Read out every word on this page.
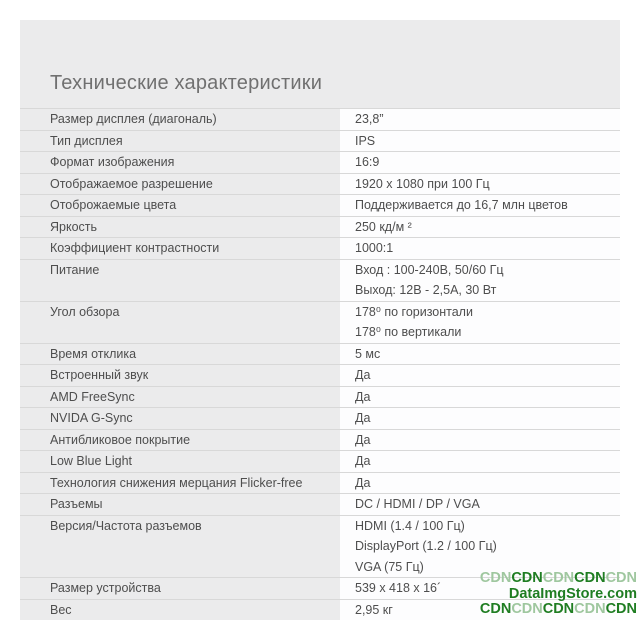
Технические характеристики
Размер дисплея (диагональ)	23,8”
Тип дисплея	IPS
Формат изображения	16:9
Отображаемое разрешение	1920 x 1080 при 100 Гц
Отоброжаемые цвета	Поддерживается до 16,7 млн цветов
Яркость	250 кд/м ²
Коэффициент контрастности	1000:1
Питание	Вход : 100-240В, 50/60 Гц
Выход: 12В - 2,5А, 30 Вт
Угол обзора	178⁰ по горизонтали
178⁰ по вертикали
Время отклика	5 мс
Встроенный звук	Да
AMD FreeSync	Да
NVIDA G-Sync	Да
Антибликовое покрытие	Да
Low Blue Light	Да
Технология снижения мерцания Flicker-free	Да
Разъемы	DC / HDMI / DP / VGA
Версия/Частота разъемов	HDMI (1.4 / 100 Гц)
DisplayPort (1.2 / 100 Гц)
VGA (75 Гц)
Размер устройства	539 x 418 x 16´
Вес	2,95 кг
CDNCDNCDNCDNCDN
DataImgStore.com
CDNCDNCDNCDNCDN
